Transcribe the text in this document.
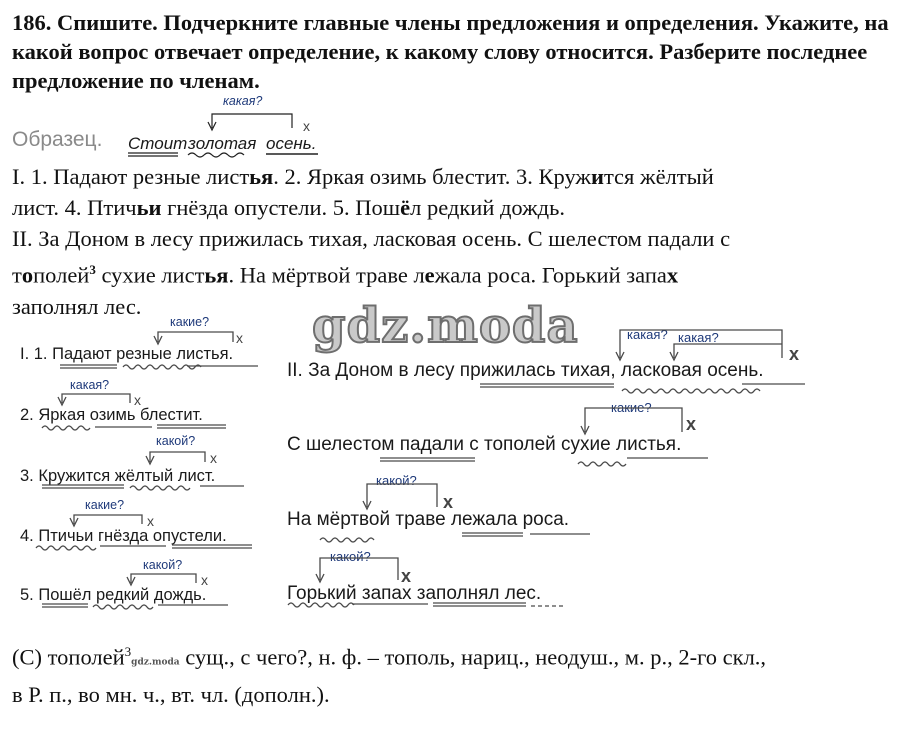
186. Спишите. Подчеркните главные члены предложения и определения. Укажите, на какой вопрос отвечает определение, к какому слову относится. Разберите последнее предложение по членам.
Образец. Стоит золотая осень.
какая?
х

I. 1. Падают резные листья. 2. Яркая озимь блестит. 3. Кружится жёлтый

лист. 4. Птичьи гнёзда опустели. 5. Пошёл редкий дождь.

II. За Доном в лесу прижилась тихая, ласковая осень. С шелестом падали с

тополей$^3$ сухие листья. На мёртвой траве лежала роса. Горький запах

заполнял лес.	gdz.moda
I. 1. Падают резные листья.
какие?
х
2. Яркая озимь блестит.
какая?
х
3. Кружится жёлтый лист.
какой?
х
4. Птичьи гнёзда опустели.
какие?
х
5. Пошёл редкий дождь.
какой?
х
II. За Доном в лесу прижилась тихая, ласковая осень.
какая? какая?
х
С шелестом падали с тополей сухие листья.
какие?
х
На мёртвой траве лежала роса.
какой?
х
Горький запах заполнял лес.
какой?
х

(С) тополей$^3$gdz.moda сущ., с чего?, н. ф. – тополь, нариц., неодуш., м. р., 2-го скл.,

в Р. п., во мн. ч., вт. чл. (дополн.).
